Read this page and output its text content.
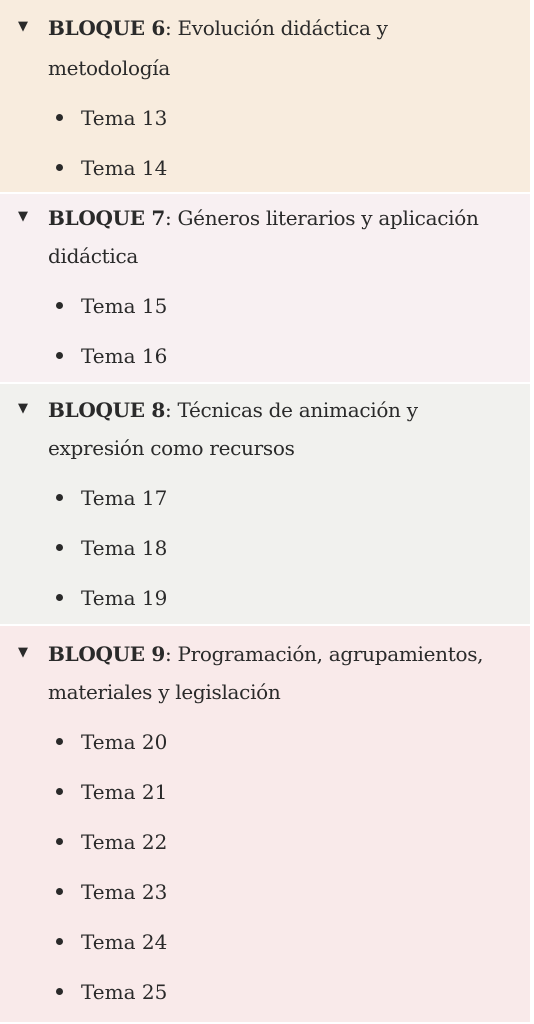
▼ BLOQUE 6: Evolución didáctica y
metodología
Tema 13
Tema 14
▼ BLOQUE 7: Géneros literarios y aplicación
didáctica
Tema 15
Tema 16
▼ BLOQUE 8: Técnicas de animación y
expresión como recursos
Tema 17
Tema 18
Tema 19
▼ BLOQUE 9: Programación, agrupamientos,
materiales y legislación
Tema 20
Tema 21
Tema 22
Tema 23
Tema 24
Tema 25
